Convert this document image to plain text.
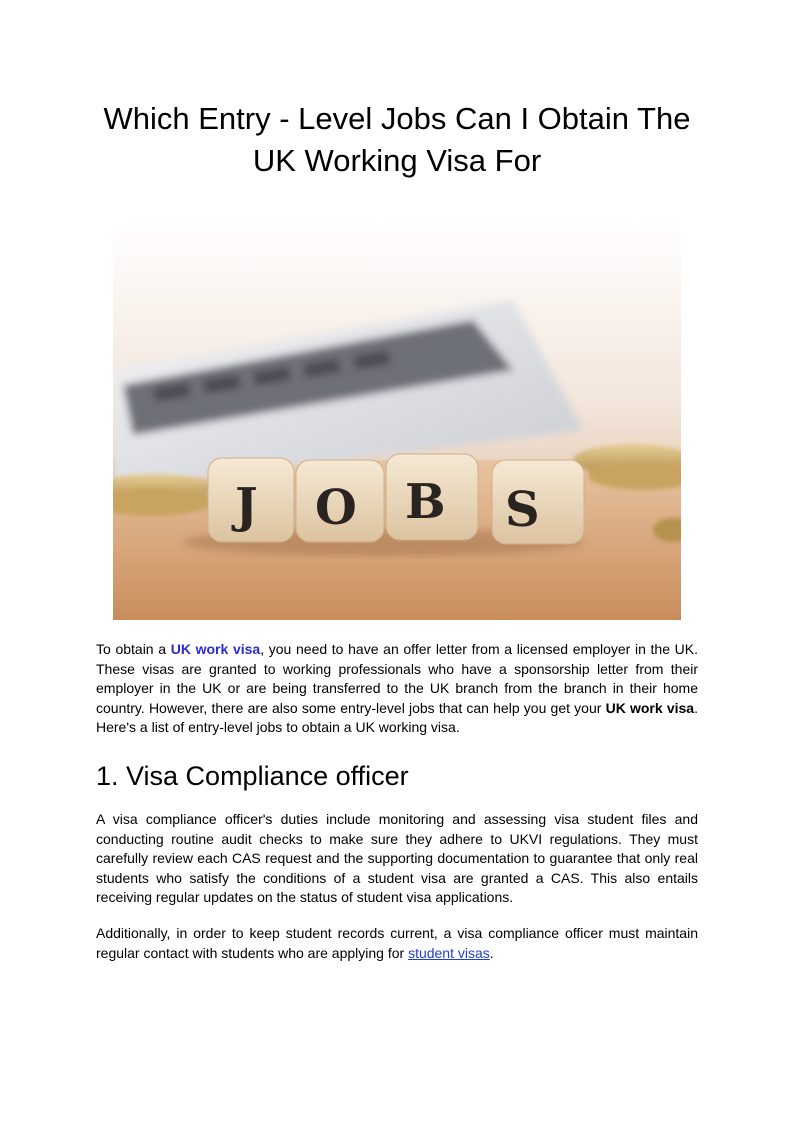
Which Entry - Level Jobs Can I Obtain The
UK Working Visa For
J O B S

To obtain a UK work visa, you need to have an offer letter from a licensed employer in the UK. These visas are granted to working professionals who have a sponsorship letter from their employer in the UK or are being transferred to the UK branch from the branch in their home country. However, there are also some entry-level jobs that can help you get your UK work visa. Here's a list of entry-level jobs to obtain a UK working visa.

1. Visa Compliance officer

A visa compliance officer's duties include monitoring and assessing visa student files and conducting routine audit checks to make sure they adhere to UKVI regulations. They must carefully review each CAS request and the supporting documentation to guarantee that only real students who satisfy the conditions of a student visa are granted a CAS. This also entails receiving regular updates on the status of student visa applications.

Additionally, in order to keep student records current, a visa compliance officer must maintain regular contact with students who are applying for student visas.
